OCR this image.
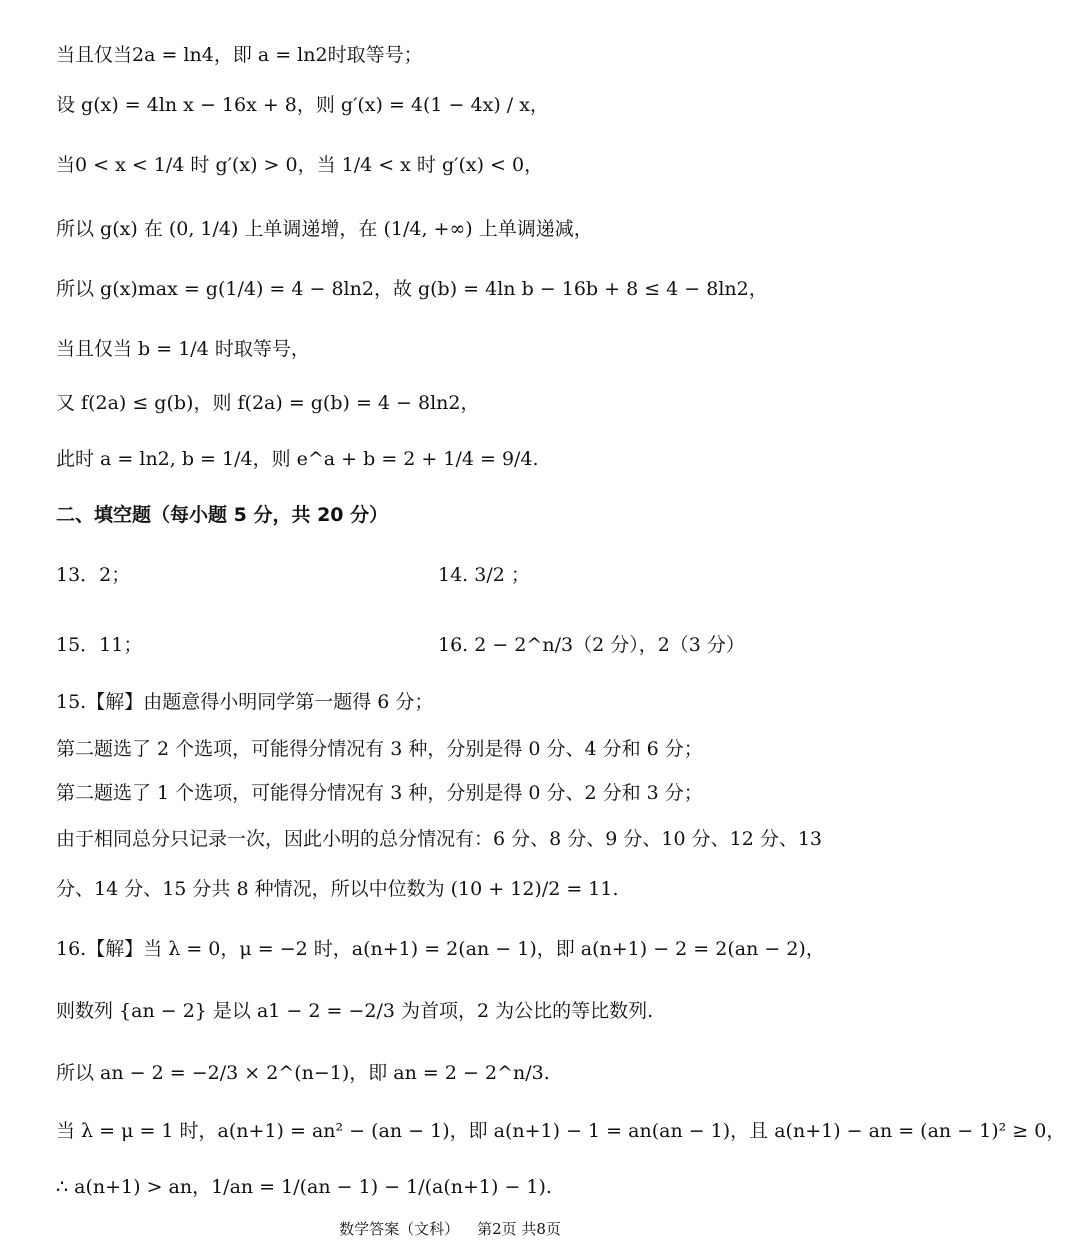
当且仅当2a = ln4，即 a = ln2时取等号；
设 g(x) = 4ln x − 16x + 8，则 g′(x) = 4(1 − 4x) / x，
当0 < x < 1/4 时 g′(x) > 0，当 1/4 < x 时 g′(x) < 0，
所以 g(x) 在 (0, 1/4) 上单调递增，在 (1/4, +∞) 上单调递减，
所以 g(x)max = g(1/4) = 4 − 8ln2，故 g(b) = 4ln b − 16b + 8 ≤ 4 − 8ln2，
当且仅当 b = 1/4 时取等号，
又 f(2a) ≤ g(b)，则 f(2a) = g(b) = 4 − 8ln2，
此时 a = ln2, b = 1/4，则 e^a + b = 2 + 1/4 = 9/4.
二、填空题（每小题 5 分，共 20 分）
13．2；	14. 3/2 ；
15．11；	16. 2 − 2^n/3（2 分），2（3 分）
15.【解】由题意得小明同学第一题得 6 分；
第二题选了 2 个选项，可能得分情况有 3 种，分别是得 0 分、4 分和 6 分；
第二题选了 1 个选项，可能得分情况有 3 种，分别是得 0 分、2 分和 3 分；
由于相同总分只记录一次，因此小明的总分情况有：6 分、8 分、9 分、10 分、12 分、13
分、14 分、15 分共 8 种情况，所以中位数为 (10 + 12)/2 = 11.
16.【解】当 λ = 0，μ = −2 时，a(n+1) = 2(an − 1)，即 a(n+1) − 2 = 2(an − 2)，
则数列 {an − 2} 是以 a1 − 2 = −2/3 为首项，2 为公比的等比数列.
所以 an − 2 = −2/3 × 2^(n−1)，即 an = 2 − 2^n/3.
当 λ = μ = 1 时，a(n+1) = an² − (an − 1)，即 a(n+1) − 1 = an(an − 1)，且 a(n+1) − an = (an − 1)² ≥ 0，
∴ a(n+1) > an，1/an = 1/(an − 1) − 1/(a(n+1) − 1).
数学答案（文科） 第2页 共8页
